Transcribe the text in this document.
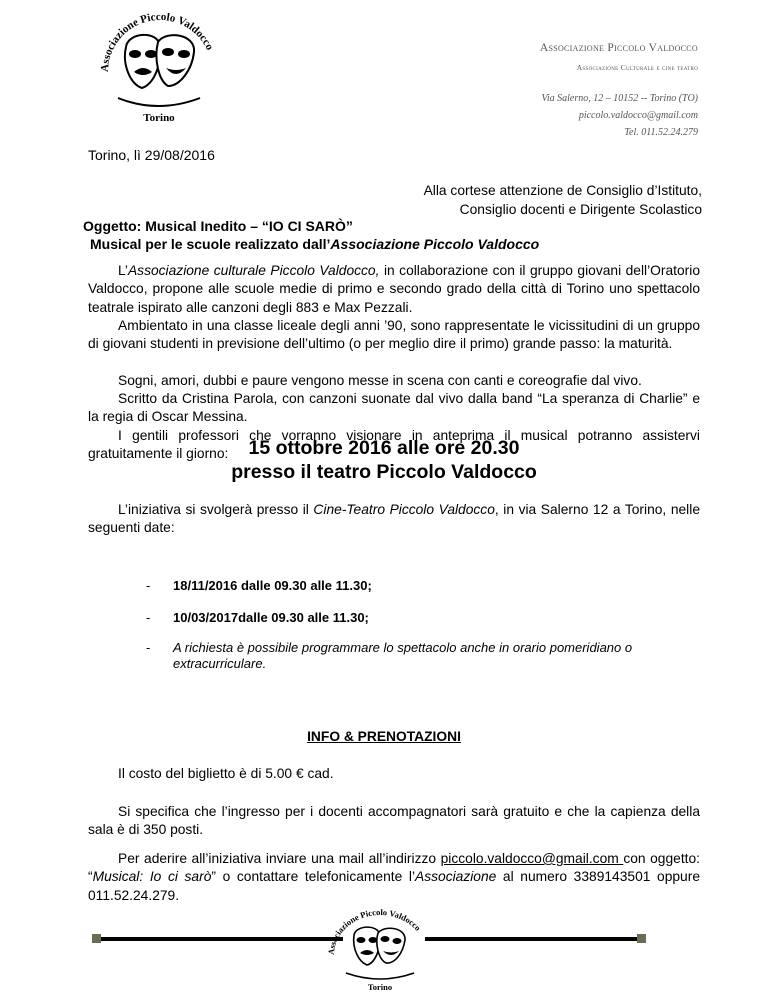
Associazione Piccolo Valdocco
Torino
Associazione Piccolo Valdocco
Associazione Culturale e cine teatro
Via Salerno, 12 – 10152 -- Torino (TO)
piccolo.valdocco@gmail.com
Tel. 011.52.24.279
Torino, lì 29/08/2016
Alla cortese attenzione de Consiglio d’Istituto,
Consiglio docenti e Dirigente Scolastico
Oggetto: Musical Inedito – “IO CI SARÒ”
Musical per le scuole realizzato dall’Associazione Piccolo Valdocco
L’Associazione culturale Piccolo Valdocco, in collaborazione con il gruppo giovani dell’Oratorio Valdocco, propone alle scuole medie di primo e secondo grado della città di Torino uno spettacolo teatrale ispirato alle canzoni degli 883 e Max Pezzali.
Ambientato in una classe liceale degli anni ’90, sono rappresentate le vicissitudini di un gruppo di giovani studenti in previsione dell’ultimo (o per meglio dire il primo) grande passo: la maturità.
Sogni, amori, dubbi e paure vengono messe in scena con canti e coreografie dal vivo.
Scritto da Cristina Parola, con canzoni suonate dal vivo dalla band “La speranza di Charlie” e la regia di Oscar Messina.
I gentili professori che vorranno visionare in anteprima il musical potranno assistervi gratuitamente il giorno:	15 ottobre 2016 alle ore 20.30
presso il teatro Piccolo Valdocco
L’iniziativa si svolgerà presso il Cine-Teatro Piccolo Valdocco, in via Salerno 12 a Torino, nelle seguenti date:
- 18/11/2016 dalle 09.30 alle 11.30;
- 10/03/2017dalle 09.30 alle 11.30;
- A richiesta è possibile programmare lo spettacolo anche in orario pomeridiano o extracurriculare.
INFO & PRENOTAZIONI
Il costo del biglietto è di 5.00 € cad.
Si specifica che l’ingresso per i docenti accompagnatori sarà gratuito e che la capienza della sala è di 350 posti.
Per aderire all’iniziativa inviare una mail all’indirizzo piccolo.valdocco@gmail.com con oggetto: “Musical: Io ci sarò” o contattare telefonicamente l’Associazione al numero 3389143501 oppure 011.52.24.279.
Associazione Piccolo Valdocco
Torino
